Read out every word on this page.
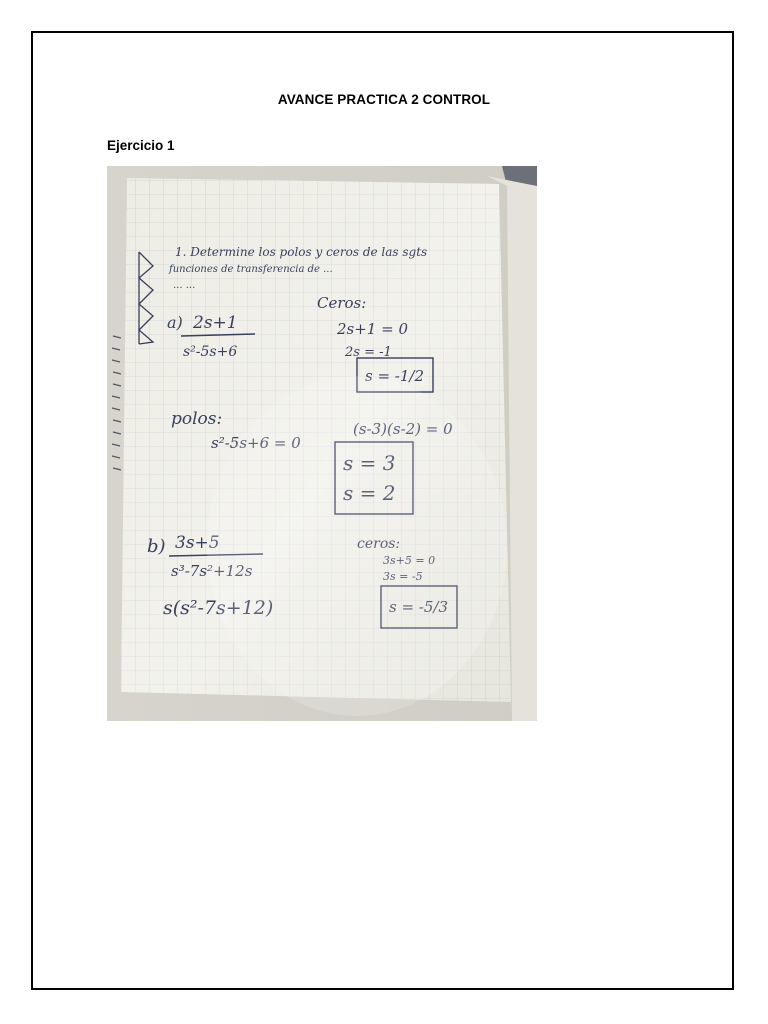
AVANCE PRACTICA 2 CONTROL
Ejercicio 1
1. Determine los polos y ceros de las sgts
funciones de transferencia de ...
... ...
Ceros:
a) 2s+1
s²-5s+6
2s+1 = 0
2s = -1
s = -1/2
polos:
s²-5s+6 = 0
(s-3)(s-2) = 0
s = 3
s = 2
b) 3s+5
s³-7s²+12s
s(s²-7s+12)
ceros:
3s+5 = 0
3s = -5
s = -5/3
